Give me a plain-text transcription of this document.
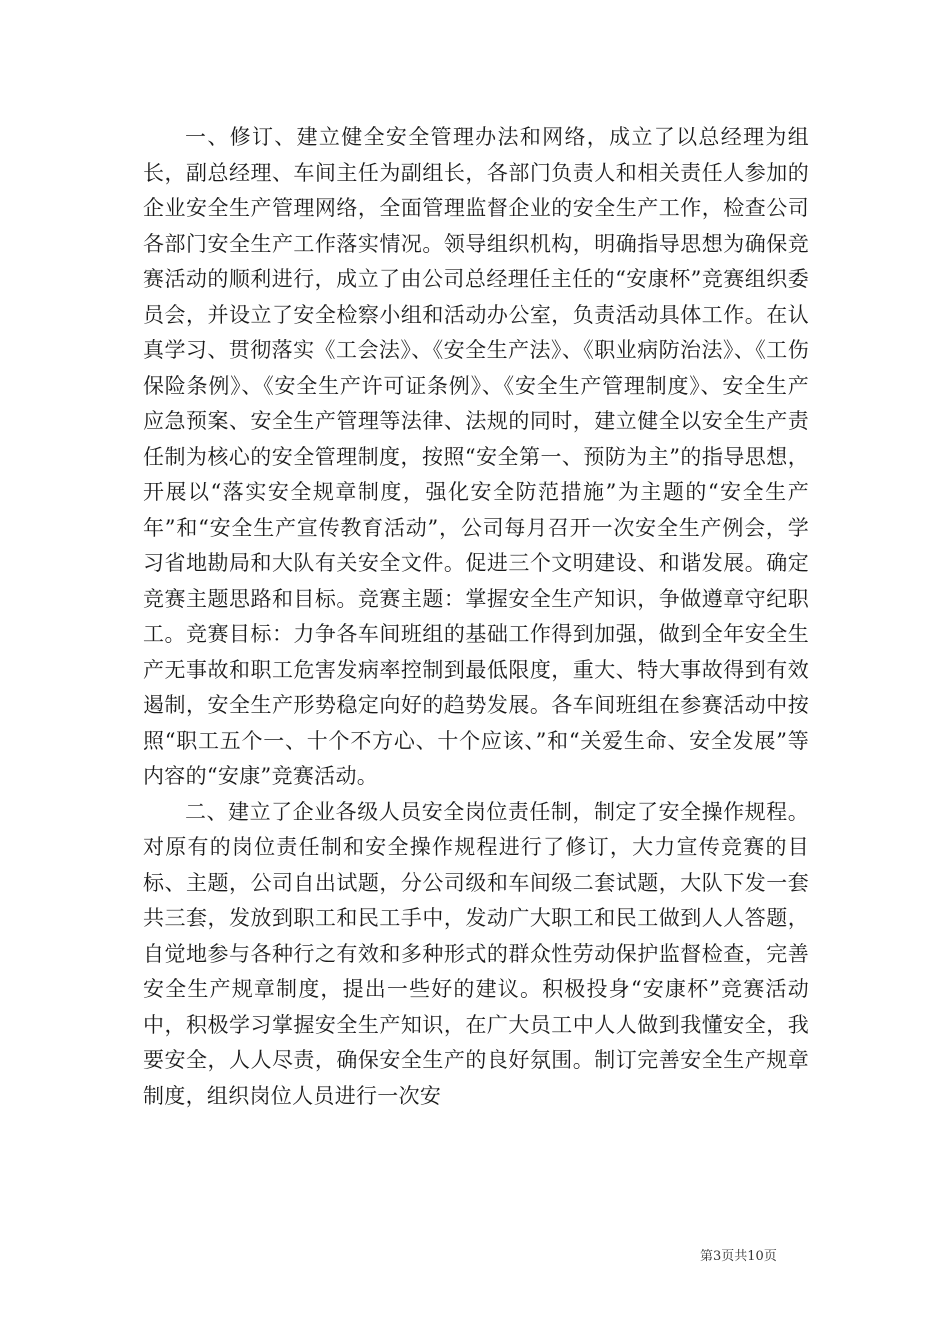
一、修订、建立健全安全管理办法和网络，成立了以总经理为组长，副总经理、车间主任为副组长，各部门负责人和相关责任人参加的企业安全生产管理网络，全面管理监督企业的安全生产工作，检查公司各部门安全生产工作落实情况。领导组织机构，明确指导思想为确保竞赛活动的顺利进行，成立了由公司总经理任主任的“安康杯”竞赛组织委员会，并设立了安全检察小组和活动办公室，负责活动具体工作。在认真学习、贯彻落实《工会法》、《安全生产法》、《职业病防治法》、《工伤保险条例》、《安全生产许可证条例》、《安全生产管理制度》、安全生产应急预案、安全生产管理等法律、法规的同时，建立健全以安全生产责任制为核心的安全管理制度，按照“安全第一、预防为主”的指导思想，开展以“落实安全规章制度，强化安全防范措施”为主题的“安全生产年”和“安全生产宣传教育活动”，公司每月召开一次安全生产例会，学习省地勘局和大队有关安全文件。促进三个文明建设、和谐发展。确定竞赛主题思路和目标。竞赛主题：掌握安全生产知识，争做遵章守纪职工。竞赛目标：力争各车间班组的基础工作得到加强，做到全年安全生产无事故和职工危害发病率控制到最低限度，重大、特大事故得到有效遏制，安全生产形势稳定向好的趋势发展。各车间班组在参赛活动中按照“职工五个一、十个不方心、十个应该、”和“关爱生命、安全发展”等内容的“安康”竞赛活动。

二、建立了企业各级人员安全岗位责任制，制定了安全操作规程。对原有的岗位责任制和安全操作规程进行了修订，大力宣传竞赛的目标、主题，公司自出试题，分公司级和车间级二套试题，大队下发一套共三套，发放到职工和民工手中，发动广大职工和民工做到人人答题，自觉地参与各种行之有效和多种形式的群众性劳动保护监督检查，完善安全生产规章制度，提出一些好的建议。积极投身“安康杯”竞赛活动中，积极学习掌握安全生产知识，在广大员工中人人做到我懂安全，我要安全，人人尽责，确保安全生产的良好氛围。制订完善安全生产规章制度，组织岗位人员进行一次安

第3页共10页
